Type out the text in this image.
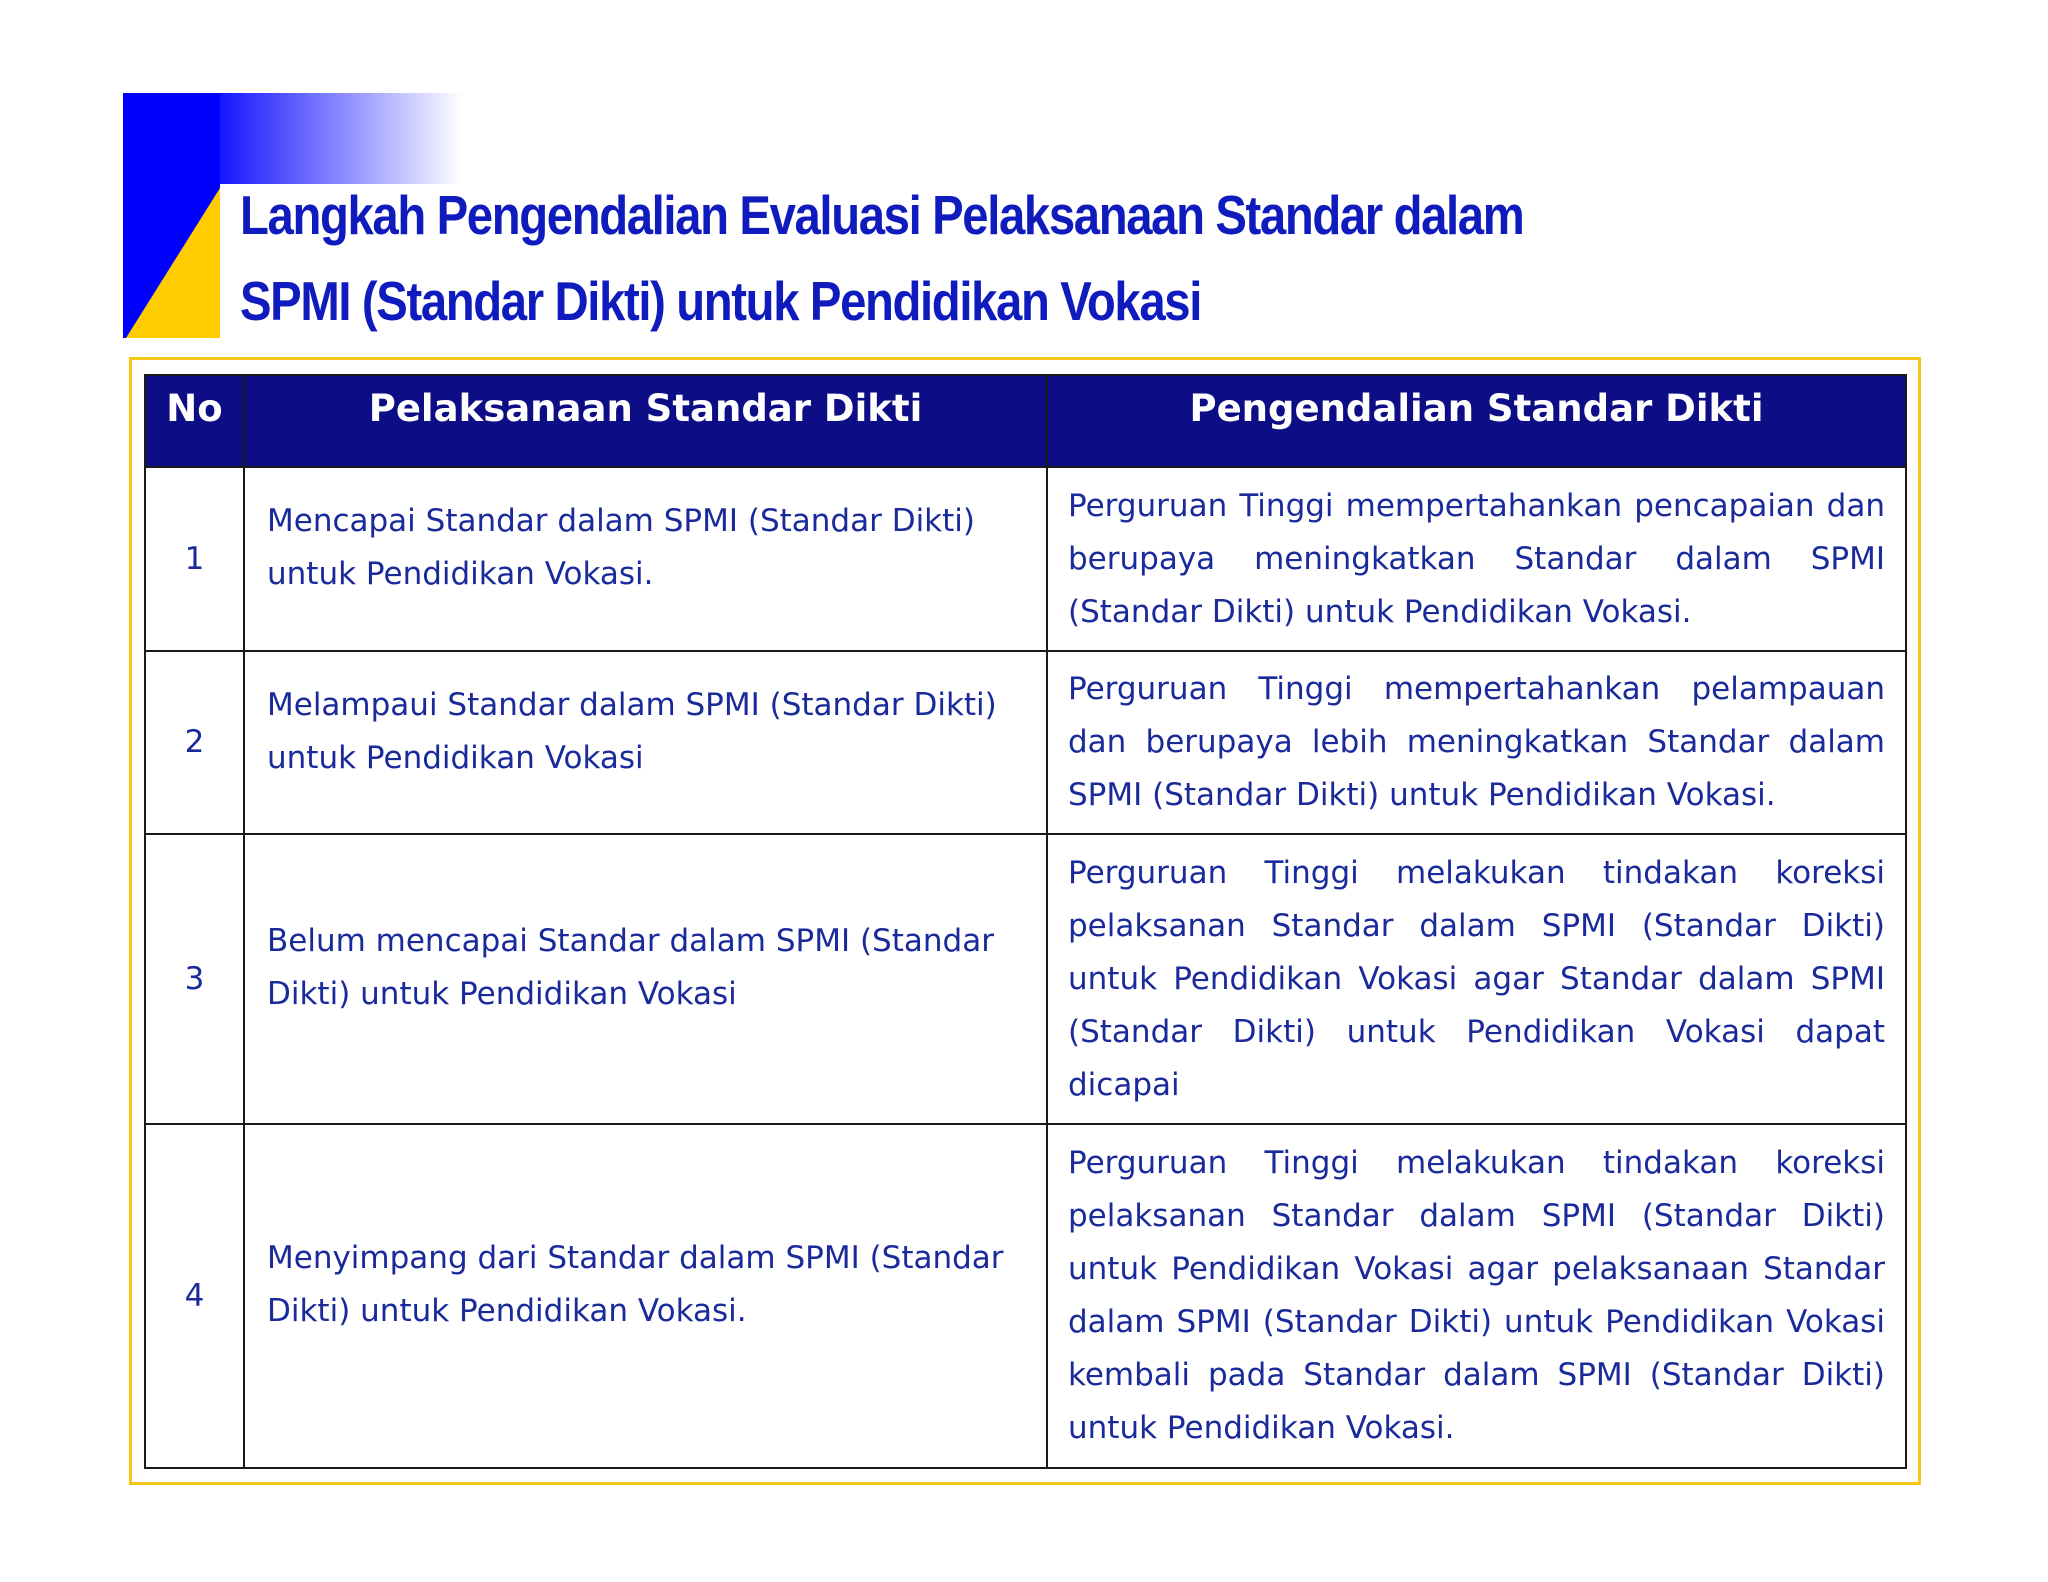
Langkah Pengendalian Evaluasi Pelaksanaan Standar dalam SPMI (Standar Dikti) untuk Pendidikan Vokasi
No	Pelaksanaan Standar Dikti	Pengendalian Standar Dikti
1	Mencapai Standar dalam SPMI (Standar Dikti) untuk Pendidikan Vokasi.	Perguruan Tinggi mempertahankan pencapaian dan berupaya meningkatkan Standar dalam SPMI (Standar Dikti) untuk Pendidikan Vokasi.
2	Melampaui Standar dalam SPMI (Standar Dikti) untuk Pendidikan Vokasi	Perguruan Tinggi mempertahankan pelampauan dan berupaya lebih meningkatkan Standar dalam SPMI (Standar Dikti) untuk Pendidikan Vokasi.
3	Belum mencapai Standar dalam SPMI (Standar Dikti) untuk Pendidikan Vokasi	Perguruan Tinggi melakukan tindakan koreksi pelaksanan Standar dalam SPMI (Standar Dikti) untuk Pendidikan Vokasi agar Standar dalam SPMI (Standar Dikti) untuk Pendidikan Vokasi dapat dicapai
4	Menyimpang dari Standar dalam SPMI (Standar Dikti) untuk Pendidikan Vokasi.	Perguruan Tinggi melakukan tindakan koreksi pelaksanan Standar dalam SPMI (Standar Dikti) untuk Pendidikan Vokasi agar pelaksanaan Standar dalam SPMI (Standar Dikti) untuk Pendidikan Vokasi kembali pada Standar dalam SPMI (Standar Dikti) untuk Pendidikan Vokasi.
